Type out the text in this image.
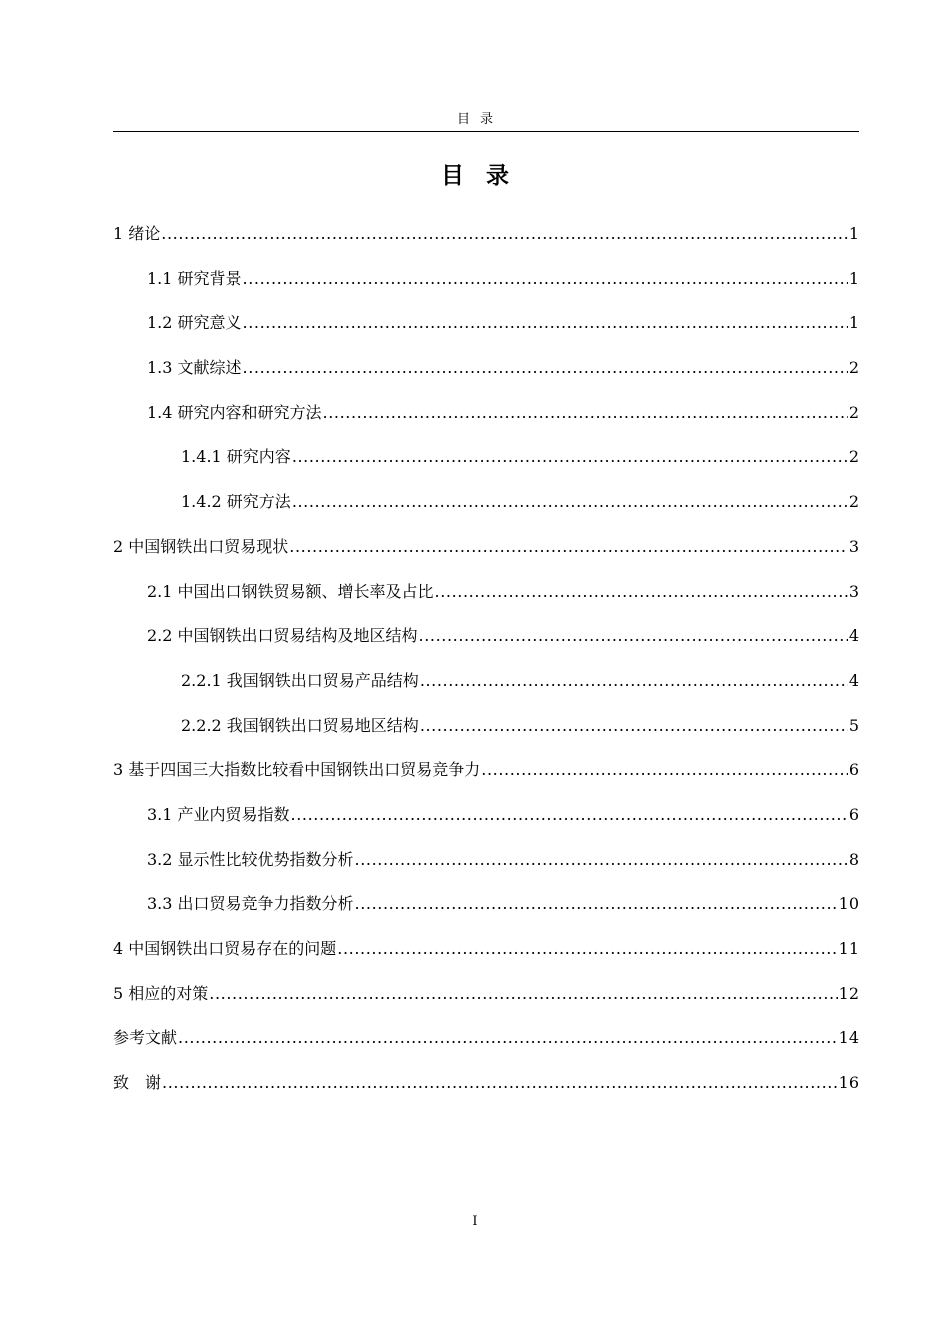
目录
目录
1 绪论 .....	1
1.1 研究背景 .....	1
1.2 研究意义 .....	1
1.3 文献综述 .....	2
1.4 研究内容和研究方法 .....	2
1.4.1 研究内容 .....	2
1.4.2 研究方法 .....	2
2 中国钢铁出口贸易现状 .....	3
2.1 中国出口钢铁贸易额、增长率及占比 .....	3
2.2 中国钢铁出口贸易结构及地区结构 .....	4
2.2.1 我国钢铁出口贸易产品结构 .....	4
2.2.2 我国钢铁出口贸易地区结构 .....	5
3 基于四国三大指数比较看中国钢铁出口贸易竞争力 .....	6
3.1 产业内贸易指数 .....	6
3.2 显示性比较优势指数分析 .....	8
3.3 出口贸易竞争力指数分析 .....	10
4 中国钢铁出口贸易存在的问题 .....	11
5 相应的对策 .....	12
参考文献 .....	14
致　谢 .....	16
I
